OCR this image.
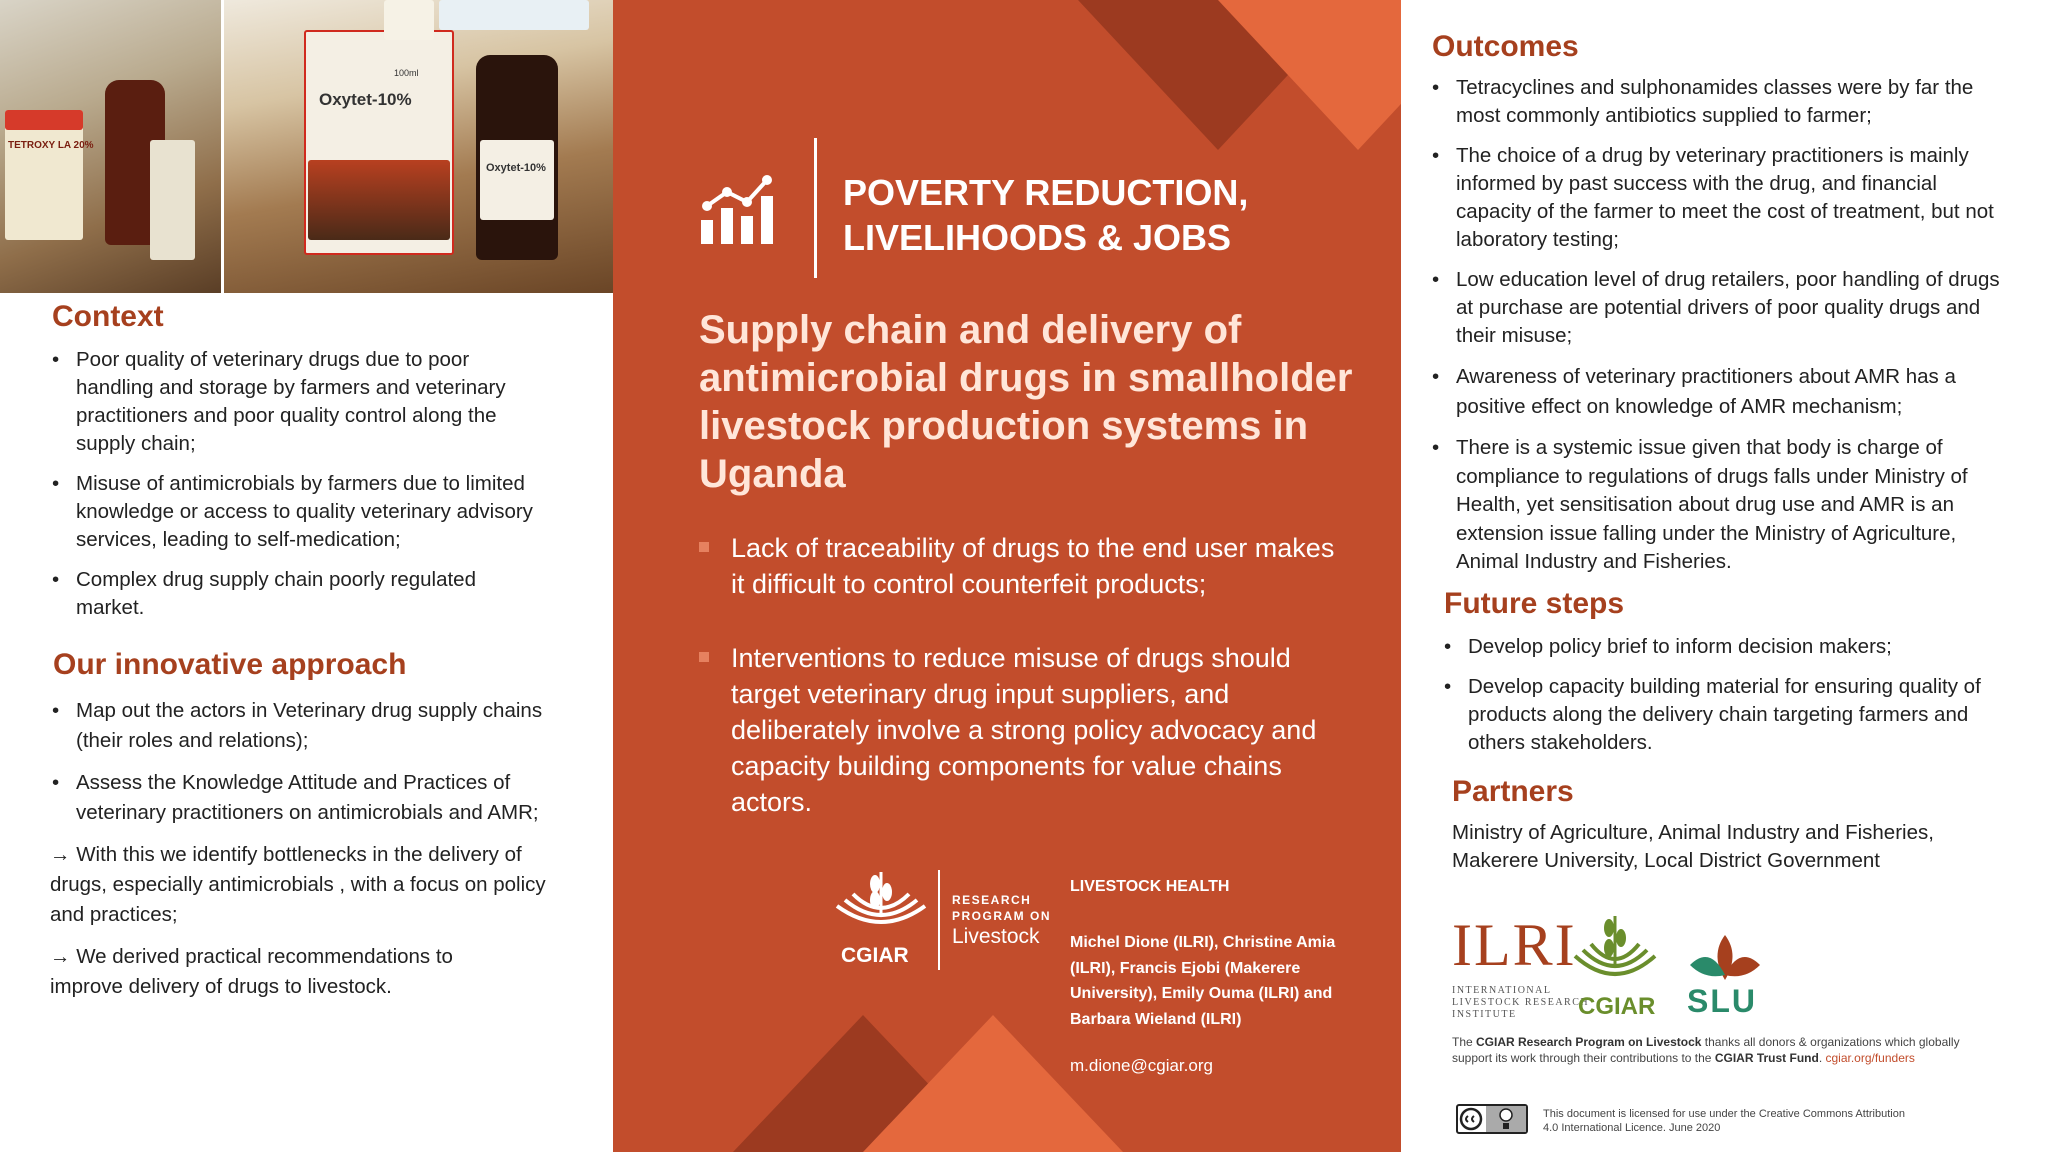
TETROXY LA 20%
Oxytet-10%
100ml
Oxytet-10%
Context
• Poor quality of veterinary drugs due to poor handling and storage by farmers and veterinary practitioners and poor quality control along the supply chain;
• Misuse of antimicrobials by farmers due to limited knowledge or access to quality veterinary advisory services, leading to self-medication;
• Complex drug supply chain poorly regulated market.
Our innovative approach
• Map out the actors in Veterinary drug supply chains (their roles and relations);
• Assess the Knowledge Attitude and Practices of veterinary practitioners on antimicrobials and AMR;

→ With this we identify bottlenecks in the delivery of drugs, especially antimicrobials , with a focus on policy and practices;

→ We derived practical recommendations to improve delivery of drugs to livestock.

POVERTY REDUCTION,
LIVELIHOODS & JOBS
Supply chain and delivery of antimicrobial drugs in smallholder livestock production systems in Uganda
Lack of traceability of drugs to the end user makes it difficult to control counterfeit products;
Interventions to reduce misuse of drugs should target veterinary drug input suppliers, and deliberately involve a strong policy advocacy and capacity building components for value chains actors.
CGIAR
RESEARCH
PROGRAM ON
Livestock
LIVESTOCK HEALTH
Michel Dione (ILRI), Christine Amia (ILRI), Francis Ejobi (Makerere University), Emily Ouma (ILRI) and Barbara Wieland (ILRI)
m.dione@cgiar.org
Outcomes
• Tetracyclines and sulphonamides classes were by far the most commonly antibiotics supplied to farmer;
• The choice of a drug by veterinary practitioners is mainly informed by past success with the drug, and financial capacity of the farmer to meet the cost of treatment, but not laboratory testing;
• Low education level of drug retailers, poor handling of drugs at purchase are potential drivers of poor quality drugs and their misuse;
• Awareness of veterinary practitioners about AMR has a positive effect on knowledge of AMR mechanism;
• There is a systemic issue given that body is charge of compliance to regulations of drugs falls under Ministry of Health, yet sensitisation about drug use and AMR is an extension issue falling under the Ministry of Agriculture, Animal Industry and Fisheries.
Future steps
• Develop policy brief to inform decision makers;
• Develop capacity building material for ensuring quality of products along the delivery chain targeting farmers and others stakeholders.
Partners

Ministry of Agriculture, Animal Industry and Fisheries, Makerere University, Local District Government

ILRI
INTERNATIONAL
LIVESTOCK RESEARCH
INSTITUTE	CGIAR SLU
The CGIAR Research Program on Livestock thanks all donors & organizations which globally support its work through their contributions to the CGIAR Trust Fund. cgiar.org/funders
This document is licensed for use under the Creative Commons Attribution 4.0 International Licence. June 2020
